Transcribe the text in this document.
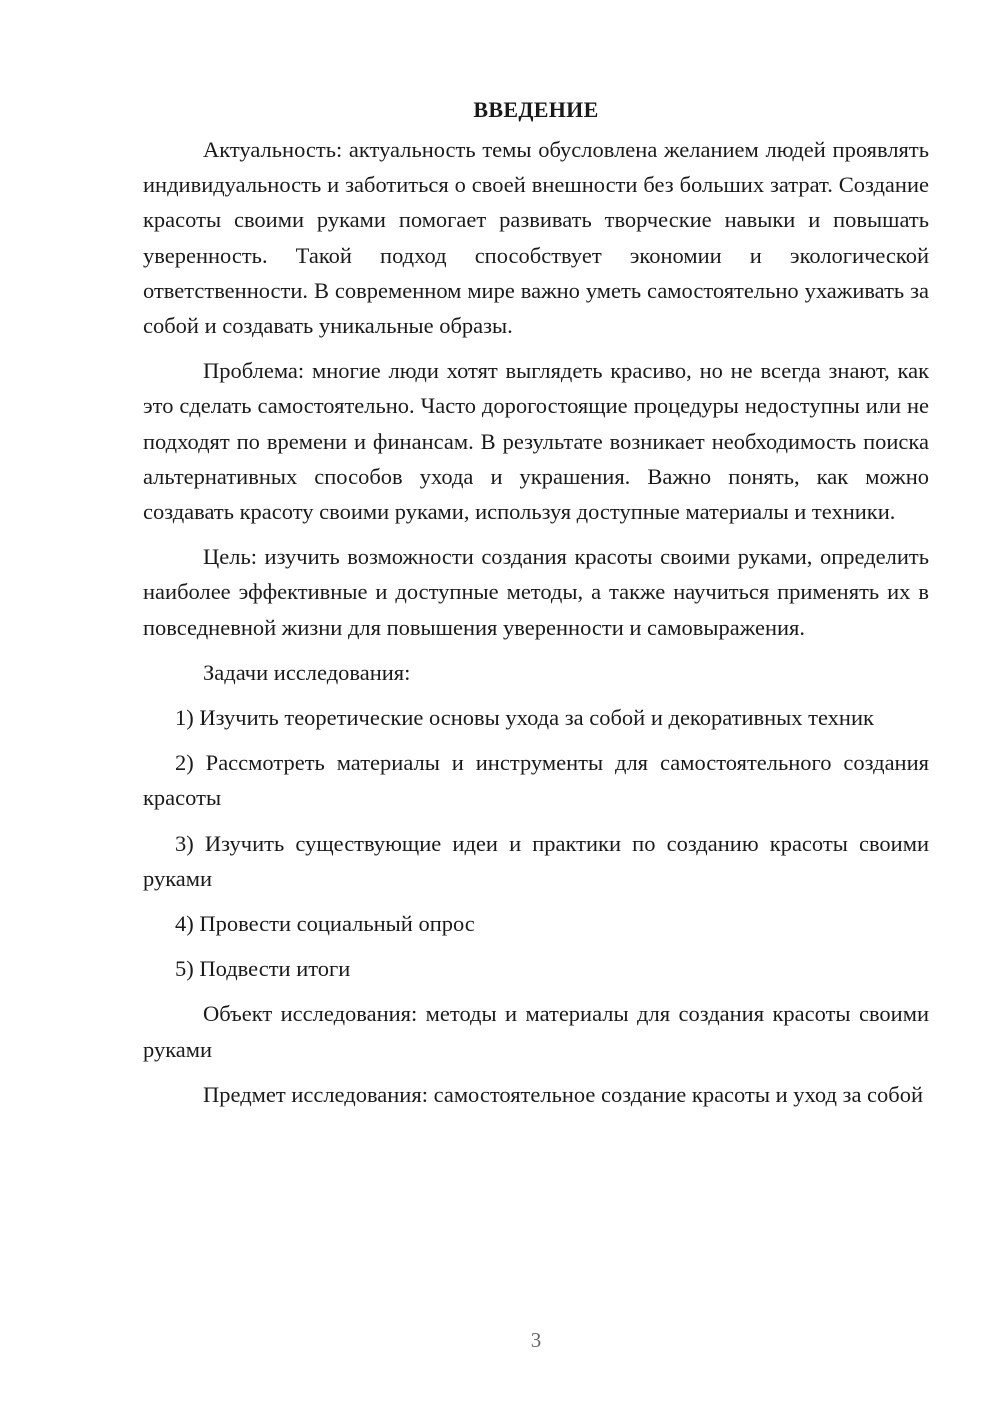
ВВЕДЕНИЕ

Актуальность: актуальность темы обусловлена желанием людей проявлять индивидуальность и заботиться о своей внешности без больших затрат. Создание красоты своими руками помогает развивать творческие навыки и повышать уверенность. Такой подход способствует экономии и экологической ответственности. В современном мире важно уметь самостоятельно ухаживать за собой и создавать уникальные образы.

Проблема: многие люди хотят выглядеть красиво, но не всегда знают, как это сделать самостоятельно. Часто дорогостоящие процедуры недоступны или не подходят по времени и финансам. В результате возникает необходимость поиска альтернативных способов ухода и украшения. Важно понять, как можно создавать красоту своими руками, используя доступные материалы и техники.

Цель: изучить возможности создания красоты своими руками, определить наиболее эффективные и доступные методы, а также научиться применять их в повседневной жизни для повышения уверенности и самовыражения.

Задачи исследования:

1) Изучить теоретические основы ухода за собой и декоративных техник

2) Рассмотреть материалы и инструменты для самостоятельного создания красоты

3) Изучить существующие идеи и практики по созданию красоты своими руками

4) Провести социальный опрос

5) Подвести итоги

Объект исследования: методы и материалы для создания красоты своими руками

Предмет исследования: самостоятельное создание красоты и уход за собой

3
